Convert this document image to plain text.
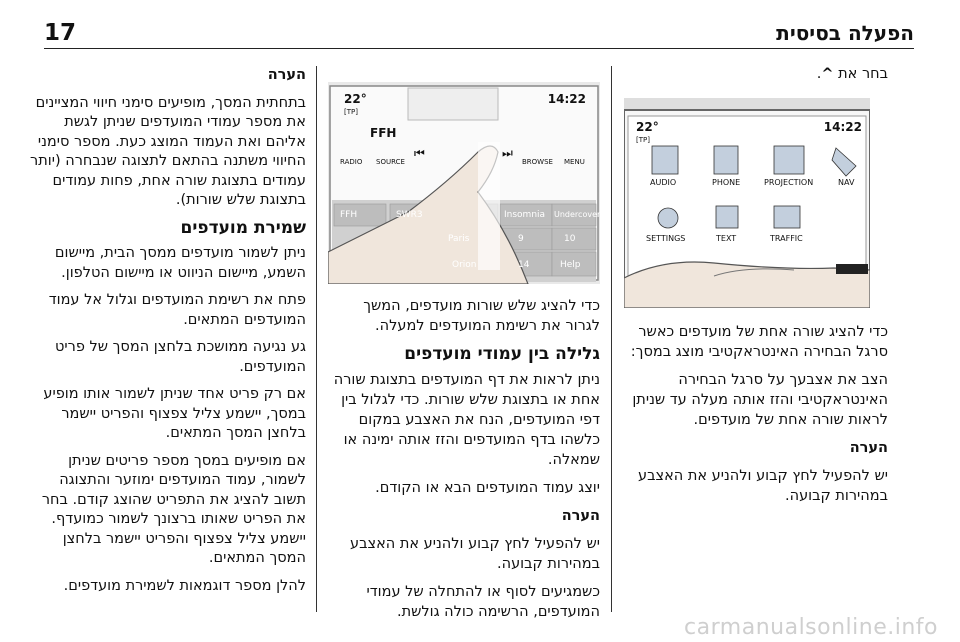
17	הפעלה בסיסית

בחר את ^.

22°
[TP]
14:22
AUDIO	PHONE	PROJECTION	NAV
SETTINGS	TEXT	TRAFFIC

כדי להציג שורה אחת של מועדפים כאשר סרגל הבחירה האינטראקטיבי מוצג במסך:

הצב את אצבעך על סרגל הבחירה האינטראקטיבי והזז אותה מעלה עד שניתן לראות שורה אחת של מועדפים.

הערה

יש להפעיל לחץ קבוע ולהניע את האצבע במהירות קבועה.

22°
[TP]
14:22
FFH
RADIO SOURCE
⏮	⏭
BROWSE MENU
FFH	SWR3	Insomnia Undercover
Paris	9	10
Orion	14	Help

כדי להציג שלש שורות מועדפים, המשך לגרור את רשימת המועדפים למעלה.

גלילה בין עמודי מועדפים

ניתן לראות את דף המועדפים בתצוגת שורה אחת או בתצוגת שלש שורות. כדי לגלול בין דפי המועדפים, הנח את האצבע במקום כלשהו בדף המועדפים והזז אותה ימינה או שמאלה.

יוצג עמוד המועדפים הבא או הקודם.

הערה

יש להפעיל לחץ קבוע ולהניע את האצבע במהירות קבועה.

כשמגיעים לסוף או להתחלה של עמודי המועדפים, הרשימה כולה גולשת.

הערה

בתחתית המסך, מופיעים סימני חיווי המציינים את מספר עמודי המועדפים שניתן לגשת אליהם ואת העמוד המוצג כעת. מספר סימני החיווי משתנה בהתאם לתצוגה שנבחרה (יותר עמודים בתצוגת שורה אחת, פחות עמודים בתצוגת שלש שורות).

שמירת מועדפים

ניתן לשמור מועדפים ממסך הבית, מיישום השמע, מיישום הניווט או מיישום הטלפון.

פתח את רשימת המועדפים וגלול אל עמוד המועדפים המתאים.

גע נגיעה ממושכת בלחצן המסך של פריט המועדפים.

אם רק פריט אחד שניתן לשמור אותו מופיע במסך, יישמע צליל צפצוף והפריט יישמר בלחצן המסך המתאים.

אם מופיעים במסך מספר פריטים שניתן לשמור, עמוד המועדפים ימוזער והתצוגה תשוב להציג את התפריט שהוצג קודם. בחר את הפריט שאותו ברצונך לשמור כמועדף. יישמע צליל צפצוף והפריט יישמר בלחצן המסך המתאים.

להלן מספר דוגמאות לשמירת מועדפים.

carmanualsonline.info
